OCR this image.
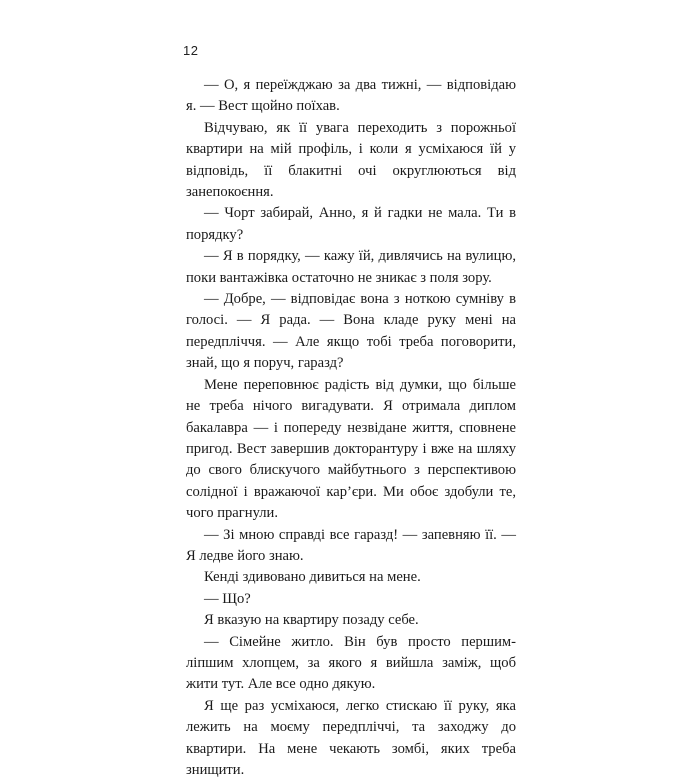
12

— О, я переїжджаю за два тижні, — відповідаю я. — Вест щойно поїхав.

Відчуваю, як її увага переходить з порожньої квартири на мій профіль, і коли я усміхаюся їй у відповідь, її блакитні очі округлюються від занепокоєння.

— Чорт забирай, Анно, я й гадки не мала. Ти в порядку?

— Я в порядку, — кажу їй, дивлячись на вулицю, поки вантажівка остаточно не зникає з поля зору.

— Добре, — відповідає вона з ноткою сумніву в голосі. — Я рада. — Вона кладе руку мені на передпліччя. — Але якщо тобі треба поговорити, знай, що я поруч, гаразд?

Мене переповнює радість від думки, що більше не треба нічого вигадувати. Я отримала диплом бакалавра — і попереду незвідане життя, сповнене пригод. Вест завершив докторантуру і вже на шляху до свого блискучого майбутнього з перспективою солідної і вражаючої кар’єри. Ми обоє здобули те, чого прагнули.

— Зі мною справді все гаразд! — запевняю її. — Я ледве його знаю.

Кенді здивовано дивиться на мене.

— Що?

Я вказую на квартиру позаду себе.

— Сімейне житло. Він був просто першим-ліпшим хлопцем, за якого я вийшла заміж, щоб жити тут. Але все одно дякую.

Я ще раз усміхаюся, легко стискаю її руку, яка лежить на моєму передпліччі, та заходжу до квартири. На мене чекають зомбі, яких треба знищити.
